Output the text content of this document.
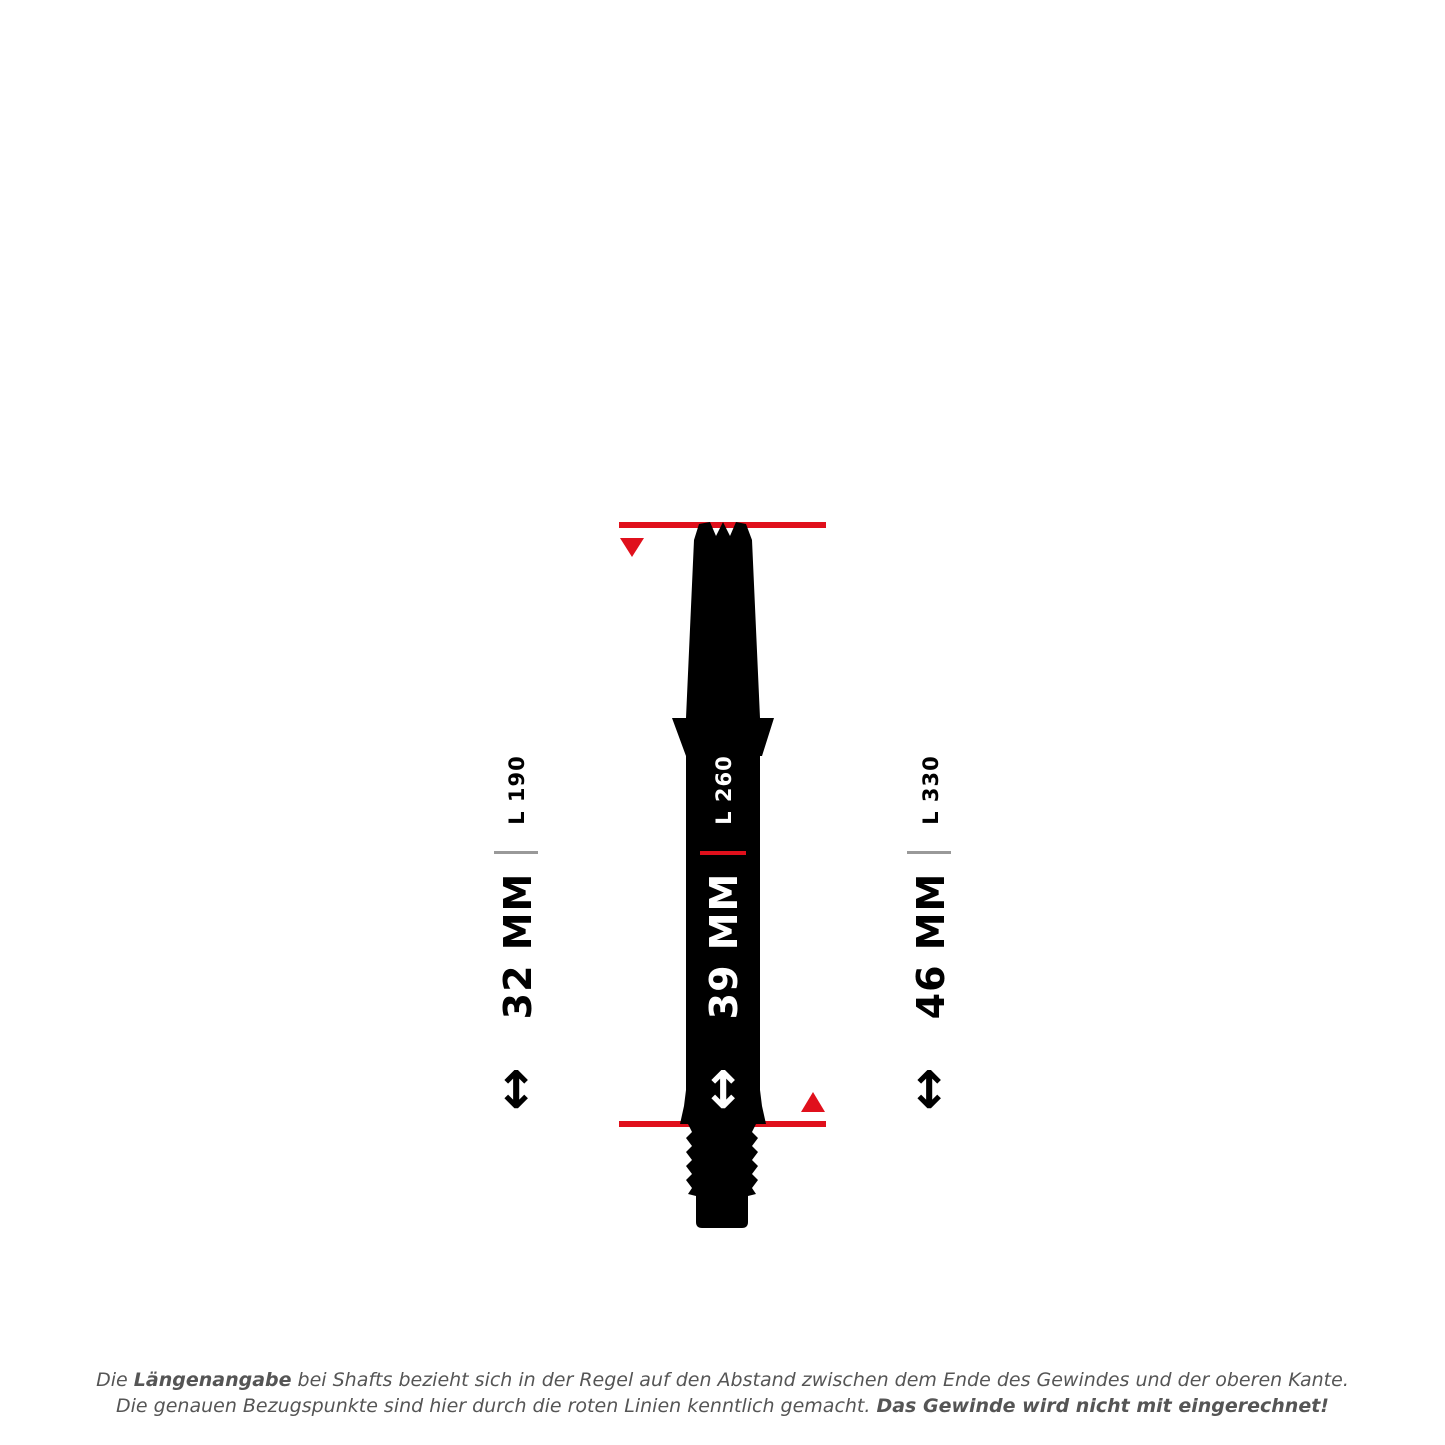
L 190
32 MM
↕
L 260
39 MM
↕
L 330
46 MM
↕
Die Längenangabe bei Shafts bezieht sich in der Regel auf den Abstand zwischen dem Ende des Gewindes und der oberen Kante.
Die genauen Bezugspunkte sind hier durch die roten Linien kenntlich gemacht. Das Gewinde wird nicht mit eingerechnet!
